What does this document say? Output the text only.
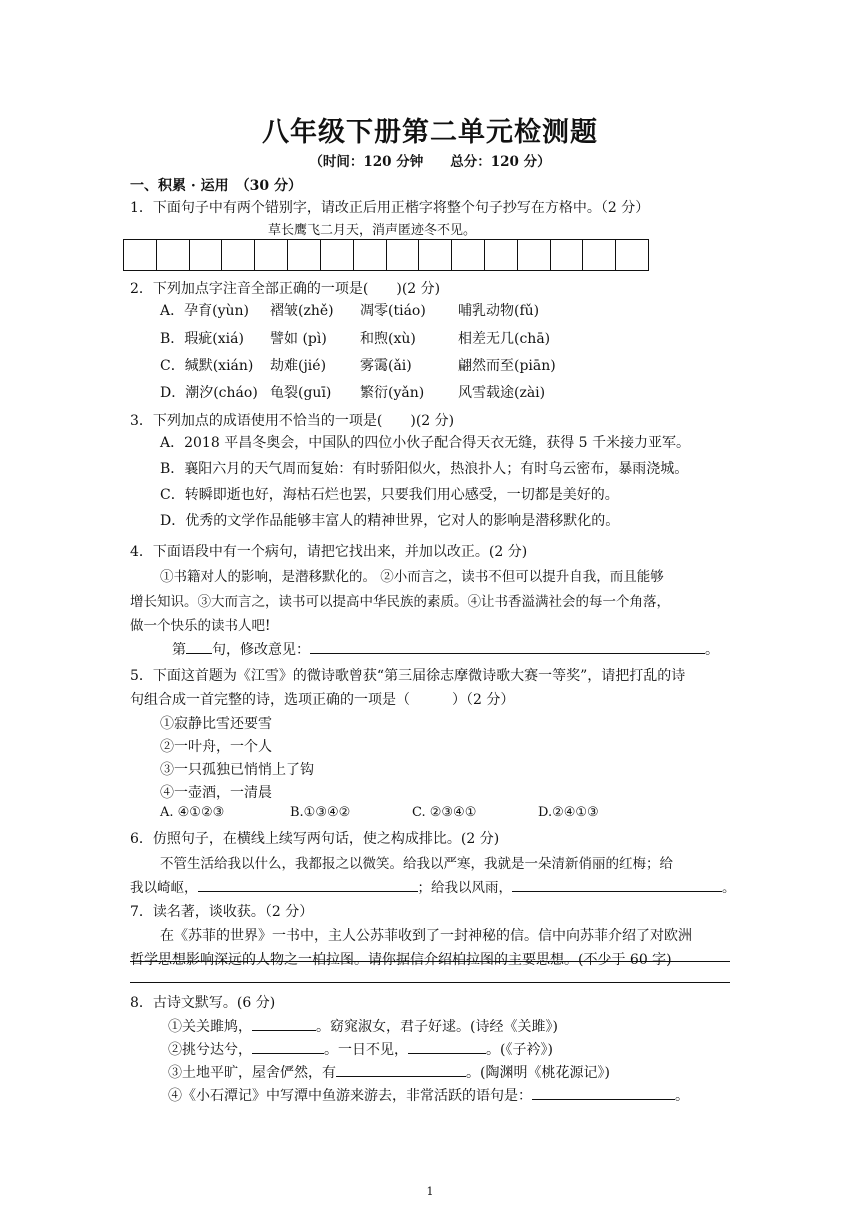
八年级下册第二单元检测题
（时间：120 分钟　　总分：120 分）
一、积累 · 运用　（30 分）
1．下面句子中有两个错别字，请改正后用正楷字将整个句子抄写在方格中。（2 分）
草长鹰飞二月天，消声匿迹冬不见。
2．下列加点字注音全部正确的一项是(　　)(2 分)
A．孕育(yùn) 褶皱(zhě) 凋零(tiáo) 哺乳动物(fǔ)
B．瑕疵(xiá) 譬如 (pì) 和煦(xù)	相差无几(chā)
C．缄默(xián) 劫难(jié) 雾霭(ǎi)	翩然而至(piān)
D．潮汐(cháo) 龟裂(guī) 繁衍(yǎn) 风雪载途(zài)
3．下列加点的成语使用不恰当的一项是(　　)(2 分)
A．2018 平昌冬奥会，中国队的四位小伙子配合得天衣无缝，获得 5 千米接力亚军。
B．襄阳六月的天气周而复始：有时骄阳似火，热浪扑人；有时乌云密布，暴雨浇城。
C．转瞬即逝也好，海枯石烂也罢，只要我们用心感受，一切都是美好的。
D．优秀的文学作品能够丰富人的精神世界，它对人的影响是潜移默化的。
4．下面语段中有一个病句，请把它找出来，并加以改正。(2 分)
①书籍对人的影响，是潜移默化的。 ②小而言之，读书不但可以提升自我，而且能够
增长知识。③大而言之，读书可以提高中华民族的素质。④让书香溢满社会的每一个角落，
做一个快乐的读书人吧!
第 句，修改意见：	。
5．下面这首题为《江雪》的微诗歌曾获“第三届徐志摩微诗歌大赛一等奖”，请把打乱的诗
句组合成一首完整的诗，选项正确的一项是（　　　）（2 分）
①寂静比雪还要雪
②一叶舟，一个人
③一只孤独已悄悄上了钩
④一壶酒，一清晨
A. ④①②③	B.①③④②	C. ②③④①	D.②④①③
6．仿照句子，在横线上续写两句话，使之构成排比。(2 分)
不管生活给我以什么，我都报之以微笑。给我以严寒，我就是一朵清新俏丽的红梅；给
我以崎岖，	；给我以风雨，	。
7．读名著，谈收获。（2 分）
在《苏菲的世界》一书中，主人公苏菲收到了一封神秘的信。信中向苏菲介绍了对欧洲
哲学思想影响深远的人物之一柏拉图。请你据信介绍柏拉图的主要思想。(不少于 60 字)
8．古诗文默写。(6 分)
①关关雎鸠，	。窈窕淑女，君子好逑。(诗经《关雎》)
②挑兮达兮，	。一日不见，	。(《子衿》)
③土地平旷，屋舍俨然，有	。(陶渊明《桃花源记》)
④《小石潭记》中写潭中鱼游来游去，非常活跃的语句是：	。
1
